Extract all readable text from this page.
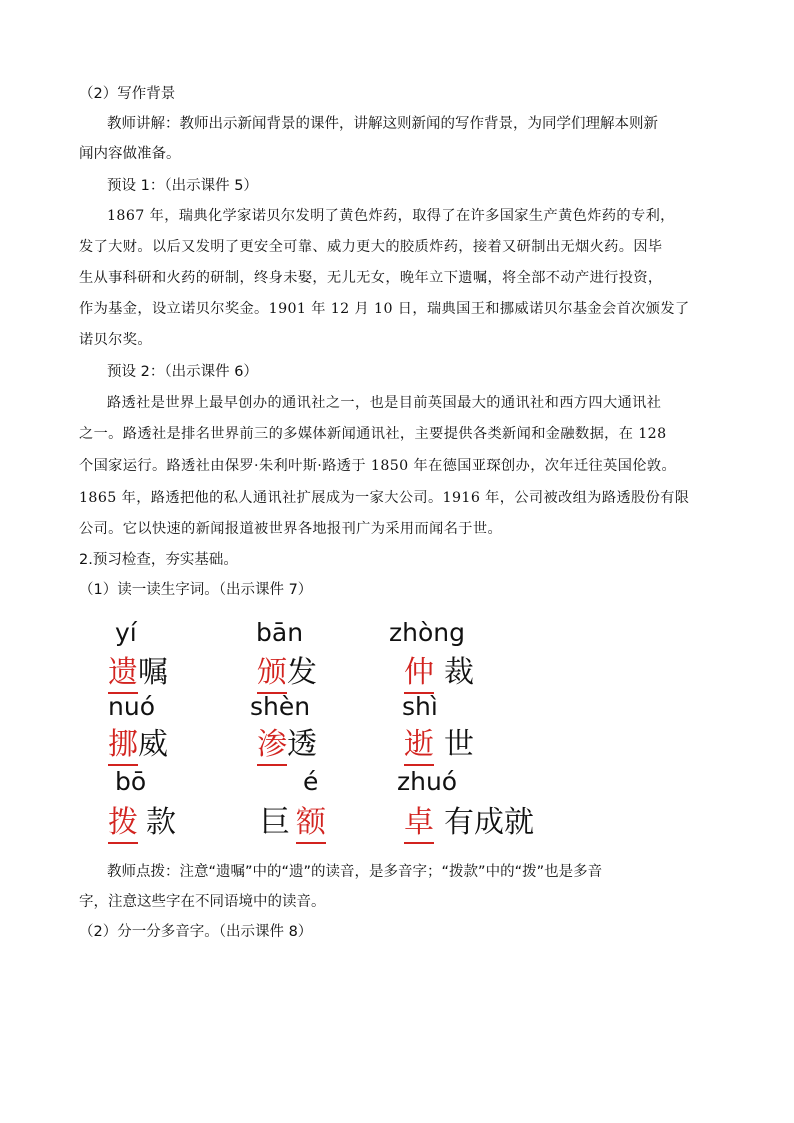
（2）写作背景
教师讲解：教师出示新闻背景的课件，讲解这则新闻的写作背景，为同学们理解本则新
闻内容做准备。
预设 1：（出示课件 5）
1867 年，瑞典化学家诺贝尔发明了黄色炸药，取得了在许多国家生产黄色炸药的专利，
发了大财。以后又发明了更安全可靠、威力更大的胶质炸药，接着又研制出无烟火药。因毕
生从事科研和火药的研制，终身未娶，无儿无女，晚年立下遗嘱，将全部不动产进行投资，
作为基金，设立诺贝尔奖金。1901 年 12 月 10 日，瑞典国王和挪威诺贝尔基金会首次颁发了
诺贝尔奖。
预设 2：（出示课件 6）
路透社是世界上最早创办的通讯社之一，也是目前英国最大的通讯社和西方四大通讯社
之一。路透社是排名世界前三的多媒体新闻通讯社，主要提供各类新闻和金融数据，在 128
个国家运行。路透社由保罗·朱利叶斯·路透于 1850 年在德国亚琛创办，次年迁往英国伦敦。
1865 年，路透把他的私人通讯社扩展成为一家大公司。1916 年，公司被改组为路透股份有限
公司。它以快速的新闻报道被世界各地报刊广为采用而闻名于世。
2.预习检查，夯实基础。
（1）读一读生字词。（出示课件 7）
yí
遗嘱
bān
颁发
zhòng
仲 裁
nuó
挪威
shèn
渗透
shì
逝 世
bō
拨 款
é
巨 额
zhuó
卓 有成就
教师点拨：注意“遗嘱”中的“遗”的读音，是多音字；“拨款”中的“拨”也是多音
字，注意这些字在不同语境中的读音。
（2）分一分多音字。（出示课件 8）
